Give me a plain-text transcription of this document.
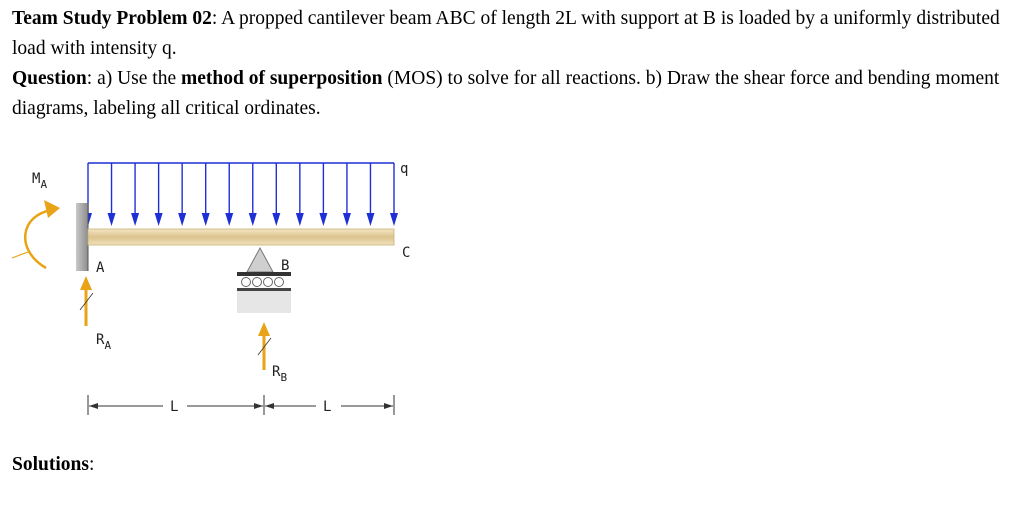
Team Study Problem 02: A propped cantilever beam ABC of length 2L with support at B is loaded by a uniformly distributed load with intensity q.

Question: a) Use the method of superposition (MOS) to solve for all reactions. b) Draw the shear force and bending moment diagrams, labeling all critical ordinates.

q
$M_A$
A
C
B
$R_A$
$R_B$
L	L
Solutions:
